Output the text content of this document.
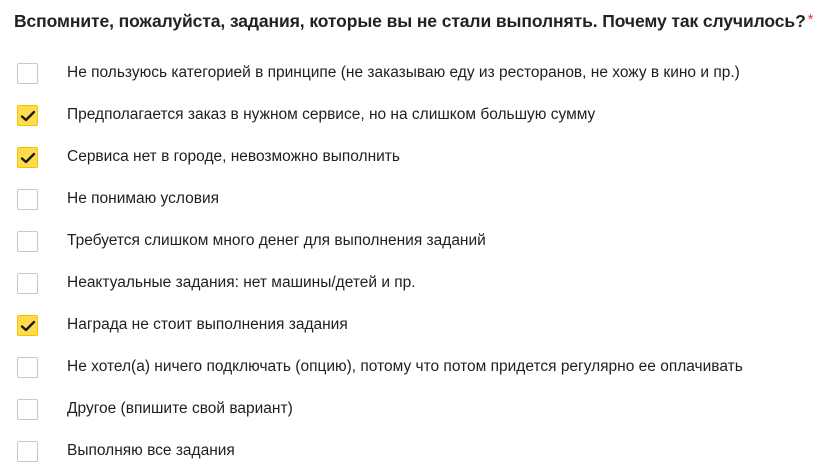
Вспомните, пожалуйста, задания, которые вы не стали выполнять. Почему так случилось? *
Не пользуюсь категорией в принципе (не заказываю еду из ресторанов, не хожу в кино и пр.)
Предполагается заказ в нужном сервисе, но на слишком большую сумму
Сервиса нет в городе, невозможно выполнить
Не понимаю условия
Требуется слишком много денег для выполнения заданий
Неактуальные задания: нет машины/детей и пр.
Награда не стоит выполнения задания
Не хотел(а) ничего подключать (опцию), потому что потом придется регулярно ее оплачивать
Другое (впишите свой вариант)
Выполняю все задания
